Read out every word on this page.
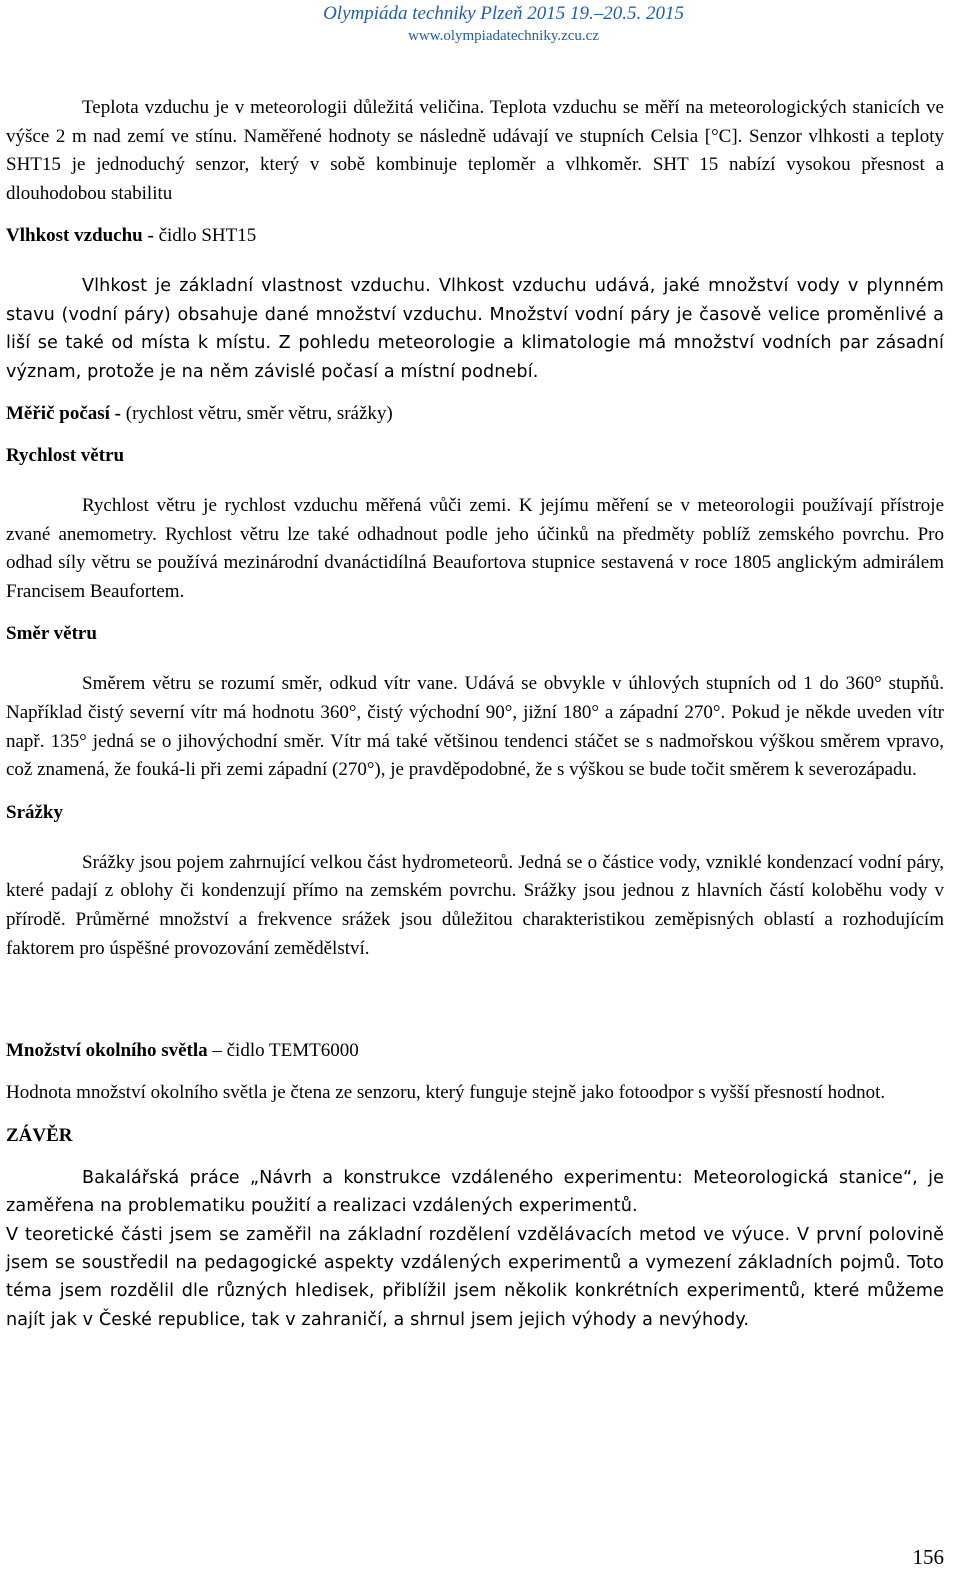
Olympiáda techniky Plzeň 2015 19.–20.5. 2015
www.olympiadatechniky.zcu.cz

Teplota vzduchu je v meteorologii důležitá veličina. Teplota vzduchu se měří na meteorologických stanicích ve výšce 2 m nad zemí ve stínu. Naměřené hodnoty se následně udávají ve stupních Celsia [°C]. Senzor vlhkosti a teploty SHT15 je jednoduchý senzor, který v sobě kombinuje teploměr a vlhkoměr. SHT 15 nabízí vysokou přesnost a dlouhodobou stabilitu

Vlhkost vzduchu - čidlo SHT15

Vlhkost je základní vlastnost vzduchu. Vlhkost vzduchu udává, jaké množství vody v plynném stavu (vodní páry) obsahuje dané množství vzduchu. Množství vodní páry je časově velice proměnlivé a liší se také od místa k místu. Z pohledu meteorologie a klimatologie má množství vodních par zásadní význam, protože je na něm závislé počasí a místní podnebí.

Měřič počasí - (rychlost větru, směr větru, srážky)
Rychlost větru

Rychlost větru je rychlost vzduchu měřená vůči zemi. K jejímu měření se v meteorologii používají přístroje zvané anemometry. Rychlost větru lze také odhadnout podle jeho účinků na předměty poblíž zemského povrchu. Pro odhad síly větru se používá mezinárodní dvanáctidílná Beaufortova stupnice sestavená v roce 1805 anglickým admirálem Francisem Beaufortem.

Směr větru

Směrem větru se rozumí směr, odkud vítr vane. Udává se obvykle v úhlových stupních od 1 do 360° stupňů. Například čistý severní vítr má hodnotu 360°, čistý východní 90°, jižní 180° a západní 270°. Pokud je někde uveden vítr např. 135° jedná se o jihovýchodní směr. Vítr má také většinou tendenci stáčet se s nadmořskou výškou směrem vpravo, což znamená, že fouká-li při zemi západní (270°), je pravděpodobné, že s výškou se bude točit směrem k severozápadu.

Srážky

Srážky jsou pojem zahrnující velkou část hydrometeorů. Jedná se o částice vody, vzniklé kondenzací vodní páry, které padají z oblohy či kondenzují přímo na zemském povrchu. Srážky jsou jednou z hlavních částí koloběhu vody v přírodě. Průměrné množství a frekvence srážek jsou důležitou charakteristikou zeměpisných oblastí a rozhodujícím faktorem pro úspěšné provozování zemědělství.

Množství okolního světla – čidlo TEMT6000

Hodnota množství okolního světla je čtena ze senzoru, který funguje stejně jako fotoodpor s vyšší přesností hodnot.

ZÁVĚR

Bakalářská práce „Návrh a konstrukce vzdáleného experimentu: Meteorologická stanice“, je zaměřena na problematiku použití a realizaci vzdálených experimentů.

V teoretické části jsem se zaměřil na základní rozdělení vzdělávacích metod ve výuce. V první polovině jsem se soustředil na pedagogické aspekty vzdálených experimentů a vymezení základních pojmů. Toto téma jsem rozdělil dle různých hledisek, přiblížil jsem několik konkrétních experimentů, které můžeme najít jak v České republice, tak v zahraničí, a shrnul jsem jejich výhody a nevýhody.

156
